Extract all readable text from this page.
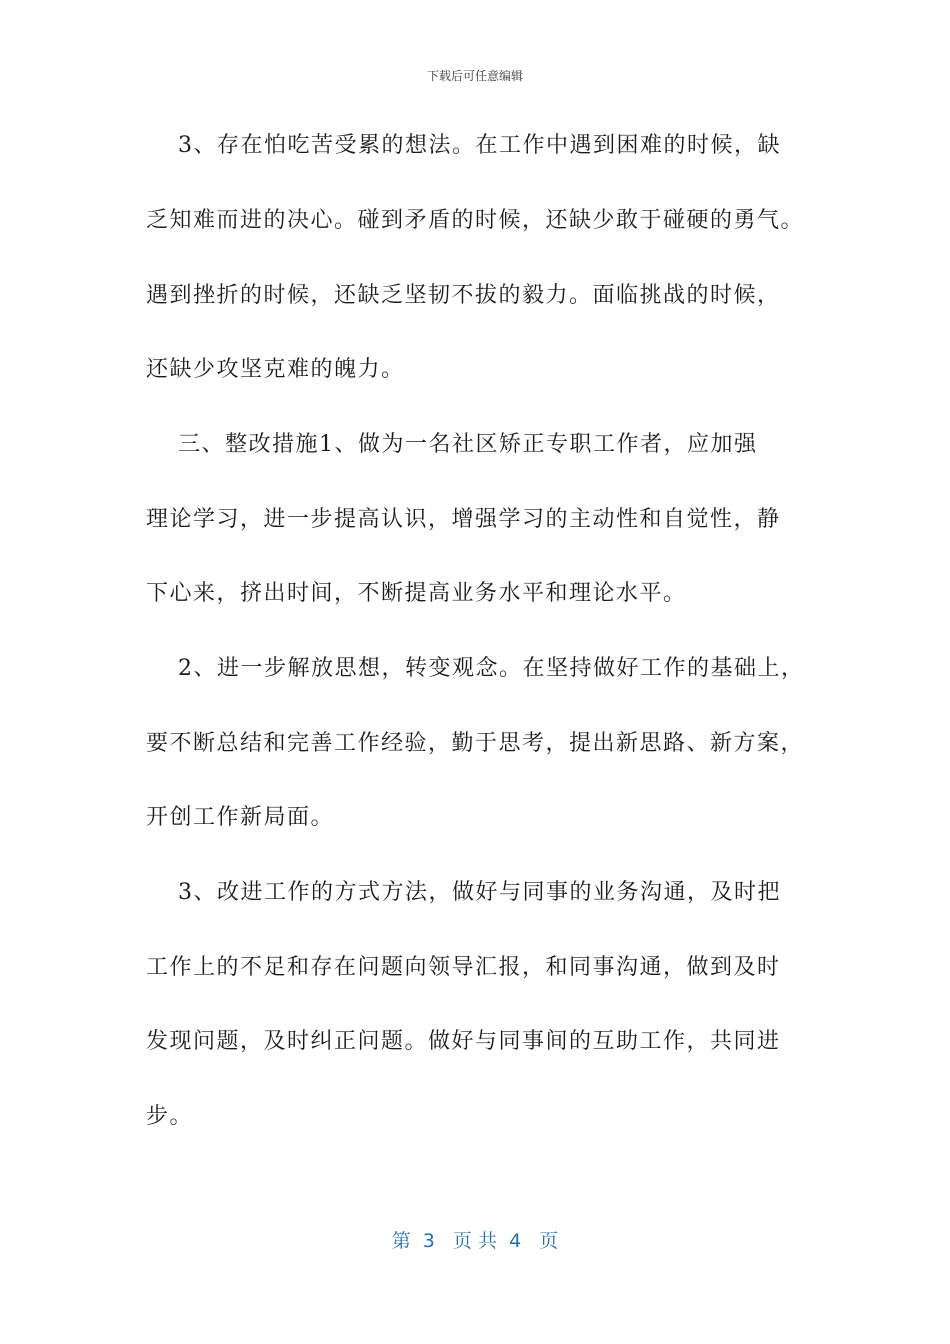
下载后可任意编辑
　 3、存在怕吃苦受累的想法。在工作中遇到困难的时候，缺
乏知难而进的决心。碰到矛盾的时候，还缺少敢于碰硬的勇气。
遇到挫折的时候，还缺乏坚韧不拔的毅力。面临挑战的时候，
还缺少攻坚克难的魄力。
　 三、整改措施1、做为一名社区矫正专职工作者，应加强
理论学习，进一步提高认识，增强学习的主动性和自觉性，静
下心来，挤出时间，不断提高业务水平和理论水平。
　 2、进一步解放思想，转变观念。在坚持做好工作的基础上，
要不断总结和完善工作经验，勤于思考，提出新思路、新方案，
开创工作新局面。
　 3、改进工作的方式方法，做好与同事的业务沟通，及时把
工作上的不足和存在问题向领导汇报，和同事沟通，做到及时
发现问题，及时纠正问题。做好与同事间的互助工作，共同进
步。
第  3   页 共  4   页
